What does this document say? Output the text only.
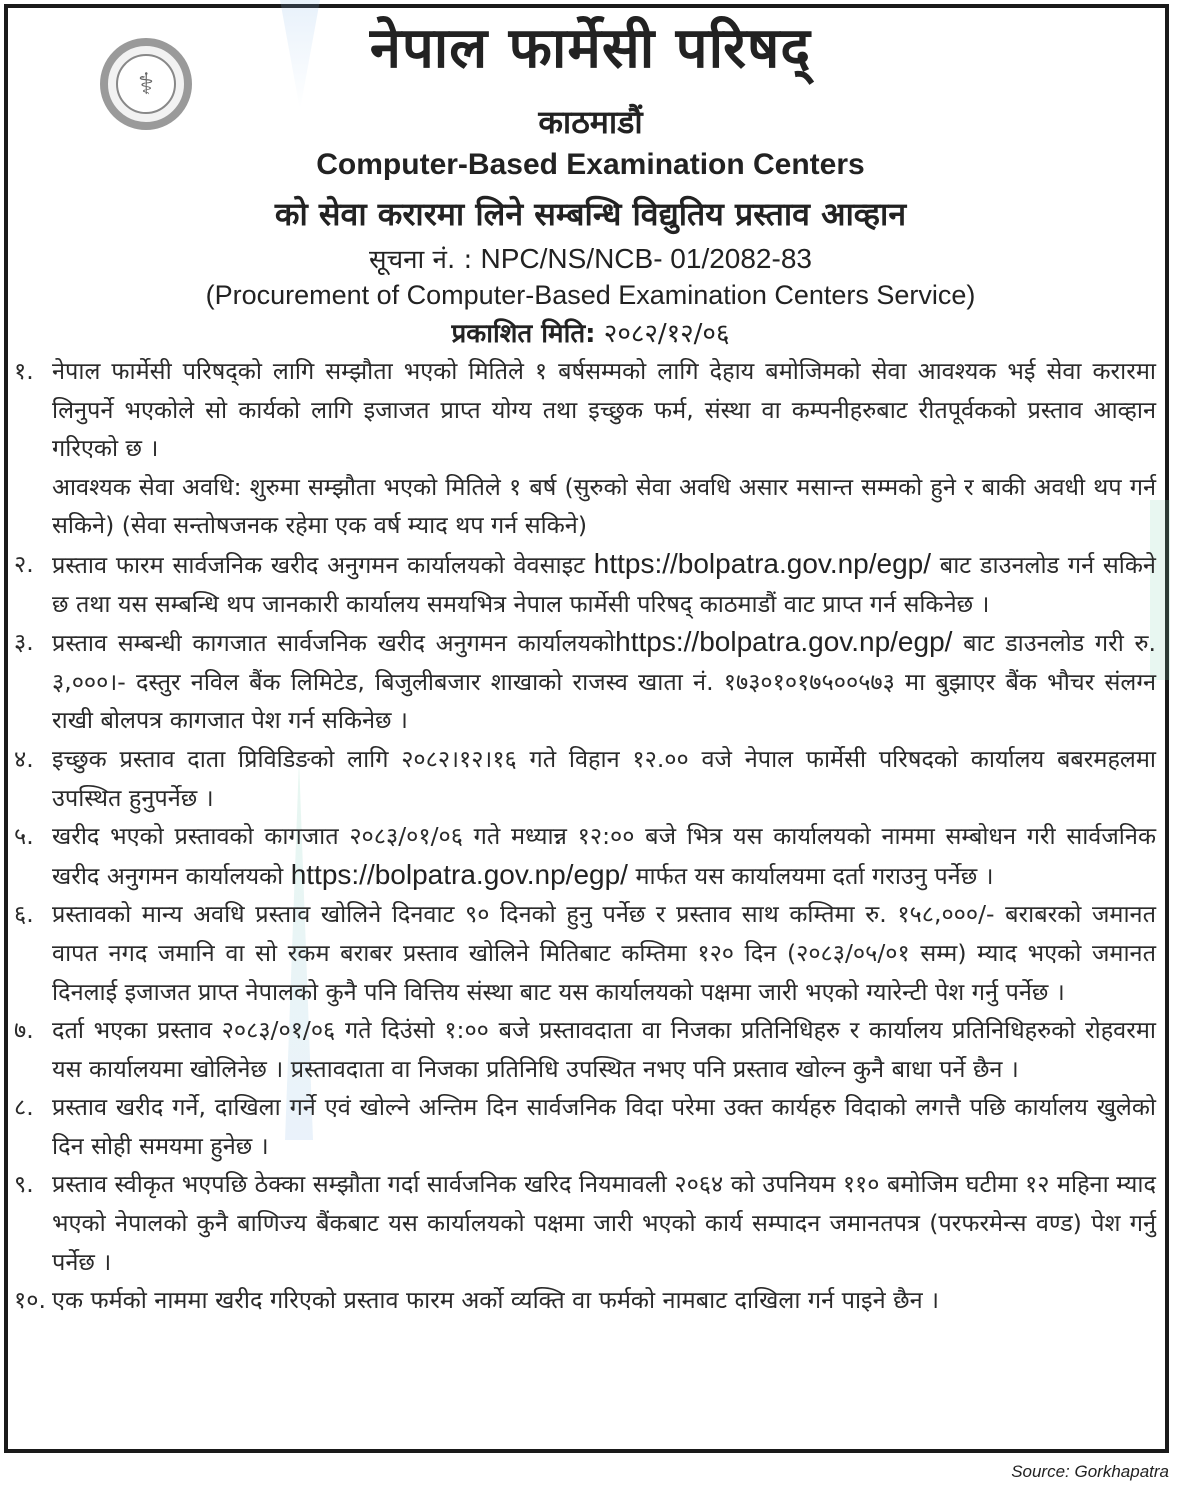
⚕
नेपाल फार्मेसी परिषद्
काठमाडौं
Computer-Based Examination Centers
को सेवा करारमा लिने सम्बन्धि विद्युतिय प्रस्ताव आव्हान
सूचना नं. : NPC/NS/NCB- 01/2082-83
(Procurement of Computer-Based Examination Centers Service)
प्रकाशित मिति: २०८२/१२/०६
१. नेपाल फार्मेसी परिषद्को लागि सम्झौता भएको मितिले १ बर्षसम्मको लागि देहाय बमोजिमको सेवा आवश्यक भई सेवा करारमा लिनुपर्ने भएकोले सो कार्यको लागि इजाजत प्राप्त योग्य तथा इच्छुक फर्म, संस्था वा कम्पनीहरुबाट रीतपूर्वकको प्रस्ताव आव्हान गरिएको छ ।
आवश्यक सेवा अवधि: शुरुमा सम्झौता भएको मितिले १ बर्ष (सुरुको सेवा अवधि असार मसान्त सम्मको हुने र बाकी अवधी थप गर्न सकिने) (सेवा सन्तोषजनक रहेमा एक वर्ष म्याद थप गर्न सकिने)
२. प्रस्ताव फारम सार्वजनिक खरीद अनुगमन कार्यालयको वेवसाइट https://bolpatra.gov.np/egp/ बाट डाउनलोड गर्न सकिने छ तथा यस सम्बन्धि थप जानकारी कार्यालय समयभित्र नेपाल फार्मेसी परिषद् काठमाडौं वाट प्राप्त गर्न सकिनेछ ।
३. प्रस्ताव सम्बन्धी कागजात सार्वजनिक खरीद अनुगमन कार्यालयकोhttps://bolpatra.gov.np/egp/ बाट डाउनलोड गरी रु. ३,०००।- दस्तुर नविल बैंक लिमिटेड, बिजुलीबजार शाखाको राजस्व खाता नं. १७३०१०१७५००५७३ मा बुझाएर बैंक भौचर संलग्न राखी बोलपत्र कागजात पेश गर्न सकिनेछ ।
४. इच्छुक प्रस्ताव दाता प्रिविडिङको लागि २०८२।१२।१६ गते विहान १२.०० वजे नेपाल फार्मेसी परिषदको कार्यालय बबरमहलमा उपस्थित हुनुपर्नेछ ।
५. खरीद भएको प्रस्तावको कागजात २०८३/०१/०६ गते मध्यान्न १२:०० बजे भित्र यस कार्यालयको नाममा सम्बोधन गरी सार्वजनिक खरीद अनुगमन कार्यालयको https://bolpatra.gov.np/egp/ मार्फत यस कार्यालयमा दर्ता गराउनु पर्नेछ ।
६. प्रस्तावको मान्य अवधि प्रस्ताव खोलिने दिनवाट ९० दिनको हुनु पर्नेछ र प्रस्ताव साथ कम्तिमा रु. १५८,०००/- बराबरको जमानत वापत नगद जमानि वा सो रकम बराबर प्रस्ताव खोलिने मितिबाट कम्तिमा १२० दिन (२०८३/०५/०१ सम्म) म्याद भएको जमानत दिनलाई इजाजत प्राप्त नेपालको कुनै पनि वित्तिय संस्था बाट यस कार्यालयको पक्षमा जारी भएको ग्यारेन्टी पेश गर्नु पर्नेछ ।
७. दर्ता भएका प्रस्ताव २०८३/०१/०६ गते दिउंसो १:०० बजे प्रस्तावदाता वा निजका प्रतिनिधिहरु र कार्यालय प्रतिनिधिहरुको रोहवरमा यस कार्यालयमा खोलिनेछ । प्रस्तावदाता वा निजका प्रतिनिधि उपस्थित नभए पनि प्रस्ताव खोल्न कुनै बाधा पर्ने छैन ।
८. प्रस्ताव खरीद गर्ने, दाखिला गर्ने एवं खोल्ने अन्तिम दिन सार्वजनिक विदा परेमा उक्त कार्यहरु विदाको लगत्तै पछि कार्यालय खुलेको दिन सोही समयमा हुनेछ ।
९. प्रस्ताव स्वीकृत भएपछि ठेक्का सम्झौता गर्दा सार्वजनिक खरिद नियमावली २०६४ को उपनियम ११० बमोजिम घटीमा १२ महिना म्याद भएको नेपालको कुनै बाणिज्य बैंकबाट यस कार्यालयको पक्षमा जारी भएको कार्य सम्पादन जमानतपत्र (परफरमेन्स वण्ड) पेश गर्नु पर्नेछ ।
१०. एक फर्मको नाममा खरीद गरिएको प्रस्ताव फारम अर्को व्यक्ति वा फर्मको नामबाट दाखिला गर्न पाइने छैन ।
Source: Gorkhapatra
